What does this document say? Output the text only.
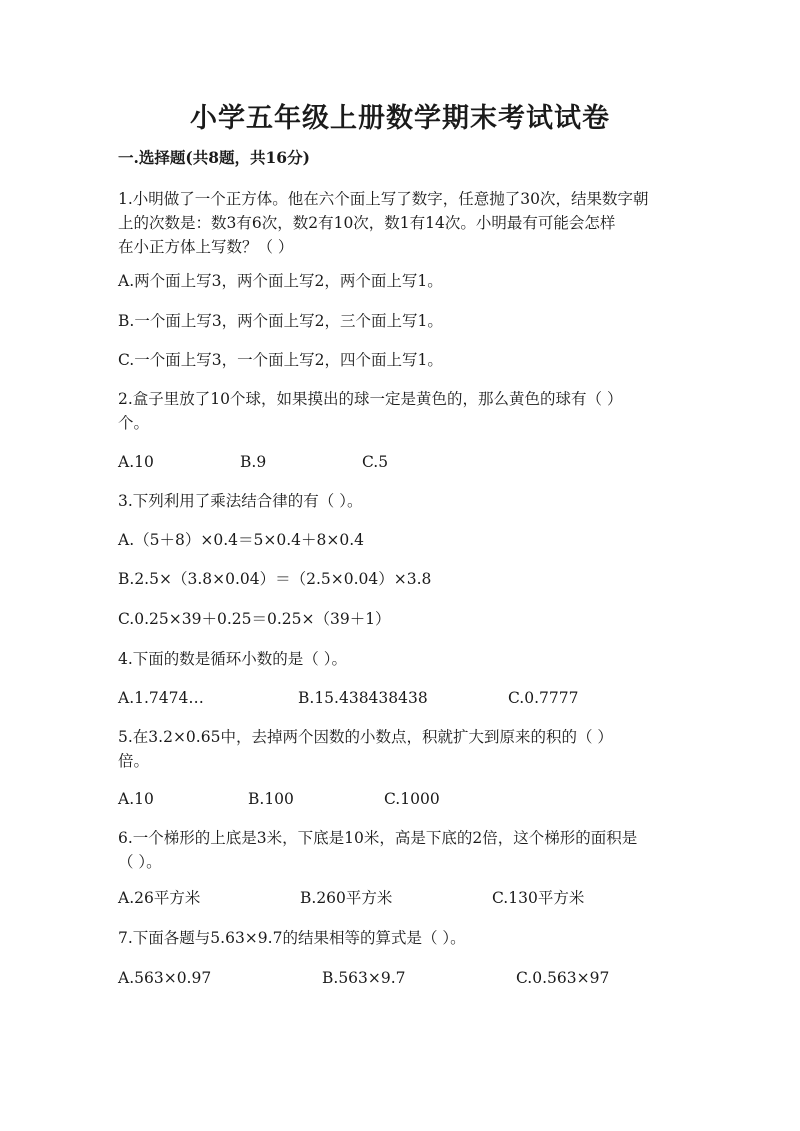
小学五年级上册数学期末考试试卷
一.选择题(共8题，共16分)
1.小明做了一个正方体。他在六个面上写了数字，任意抛了30次，结果数字朝
上的次数是：数3有6次，数2有10次，数1有14次。小明最有可能会怎样
在小正方体上写数？（ ）
A.两个面上写3，两个面上写2，两个面上写1。
B.一个面上写3，两个面上写2，三个面上写1。
C.一个面上写3，一个面上写2，四个面上写1。
2.盒子里放了10个球，如果摸出的球一定是黄色的，那么黄色的球有（ ）
个。
A.10	B.9	C.5
3.下列利用了乘法结合律的有（ ）。
A.（5＋8）×0.4＝5×0.4＋8×0.4
B.2.5×（3.8×0.04）＝（2.5×0.04）×3.8
C.0.25×39＋0.25＝0.25×（39＋1）
4.下面的数是循环小数的是（ ）。
A.1.7474…	B.15.438438438	C.0.7777
5.在3.2×0.65中，去掉两个因数的小数点，积就扩大到原来的积的（ ）
倍。
A.10	B.100	C.1000
6.一个梯形的上底是3米，下底是10米，高是下底的2倍，这个梯形的面积是
（ ）。
A.26平方米	B.260平方米	C.130平方米
7.下面各题与5.63×9.7的结果相等的算式是（ ）。
A.563×0.97	B.563×9.7	C.0.563×97
